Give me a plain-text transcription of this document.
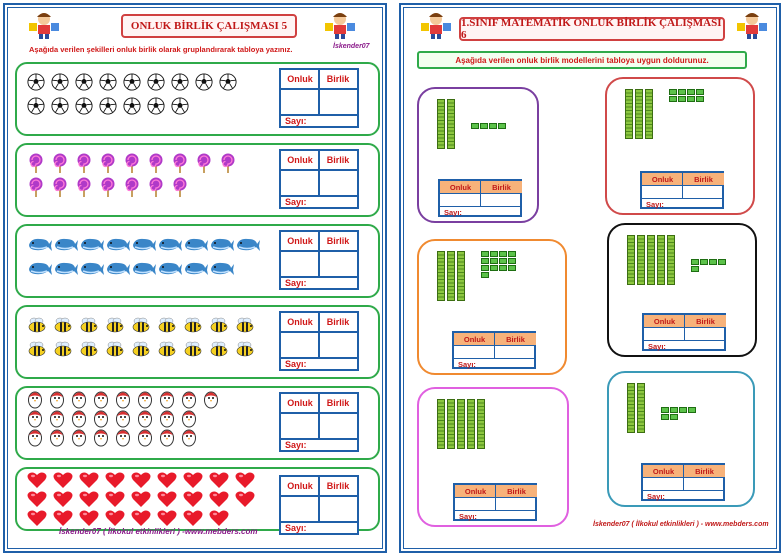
ONLUK BİRLİK ÇALIŞMASI 5
Aşağıda verilen şekilleri onluk birlik olarak gruplandırarak tabloya yazınız.	İskender07
Onluk	Birlik
Sayı:
Onluk	Birlik
Sayı:
Onluk	Birlik
Sayı:
Onluk	Birlik
Sayı:
Onluk	Birlik
Sayı:
Onluk	Birlik
Sayı:
İskender07 ( İlkokul etkinlikleri ) -www.mebders.com
1.SINIF MATEMATİK ONLUK BİRLİK ÇALIŞMASI 6
Aşağıda verilen onluk birlik modellerini tabloya uygun doldurunuz.
Onluk	Birlik
Sayı:
Onluk	Birlik
Sayı:
Onluk	Birlik
Sayı:
Onluk	Birlik
Sayı:
Onluk	Birlik
Sayı:
Onluk	Birlik
Sayı:
İskender07 ( İlkokul etkinlikleri ) - www.mebders.com
